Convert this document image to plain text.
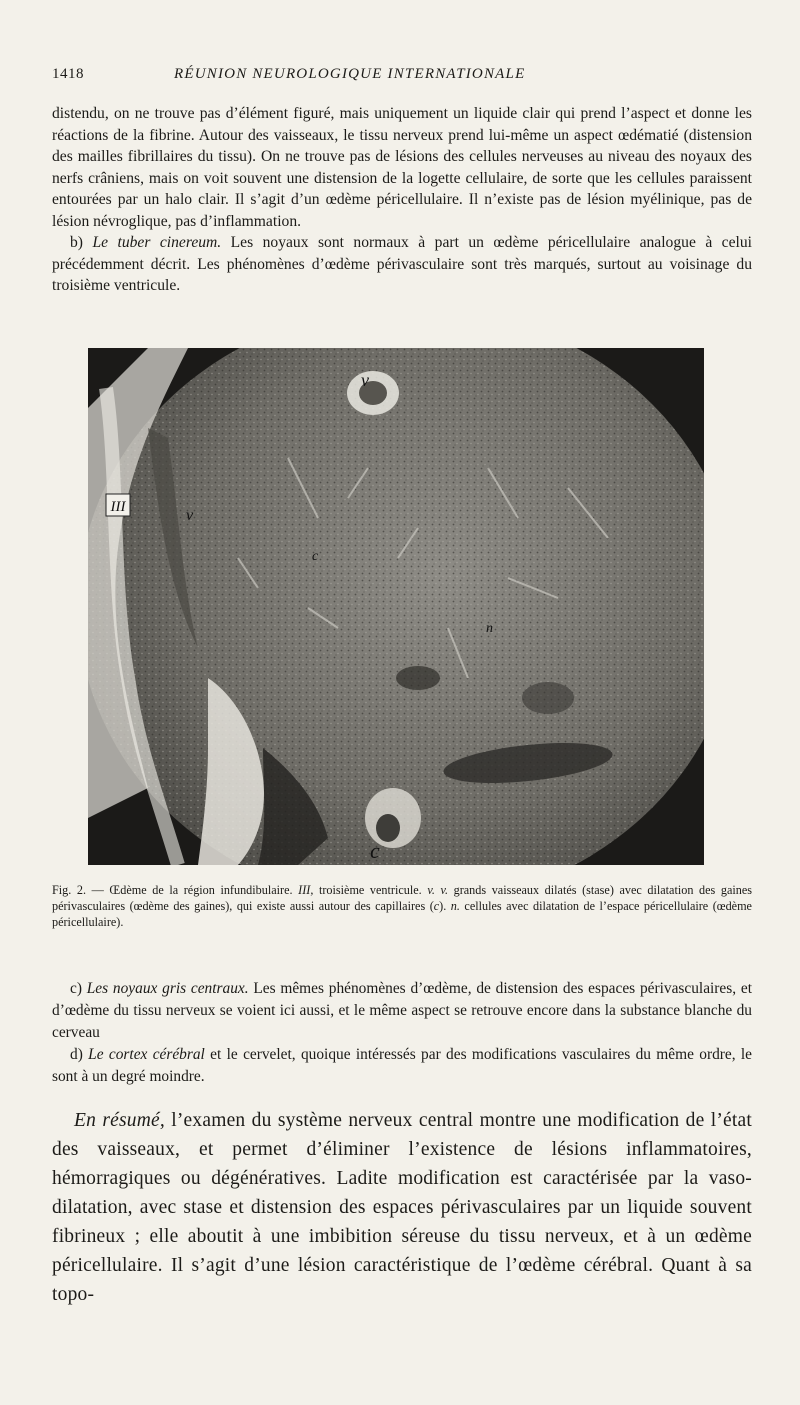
1418	RÉUNION NEUROLOGIQUE INTERNATIONALE

distendu, on ne trouve pas d’élément figuré, mais uniquement un liquide clair qui prend l’aspect et donne les réactions de la fibrine. Autour des vaisseaux, le tissu nerveux prend lui-même un aspect œdématié (distension des mailles fibrillaires du tissu). On ne trouve pas de lésions des cellules nerveuses au niveau des noyaux des nerfs crâniens, mais on voit souvent une distension de la logette cellulaire, de sorte que les cellules paraissent entourées par un halo clair. Il s’agit d’un œdème péricellulaire. Il n’existe pas de lésion myélinique, pas de lésion névroglique, pas d’inflammation.

b) Le tuber cinereum. Les noyaux sont normaux à part un œdème péricellulaire analogue à celui précédemment décrit. Les phénomènes d’œdème périvasculaire sont très marqués, surtout au voisinage du troisième ventricule.

III
v
v
c
n
c

Fig. 2. — Œdème de la région infundibulaire. III, troisième ventricule. v. v. grands vaisseaux dilatés (stase) avec dilatation des gaines périvasculaires (œdème des gaines), qui existe aussi autour des capillaires (c). n. cellules avec dilatation de l’espace péricellulaire (œdème péricellulaire).

c) Les noyaux gris centraux. Les mêmes phénomènes d’œdème, de distension des espaces périvasculaires, et d’œdème du tissu nerveux se voient ici aussi, et le même aspect se retrouve encore dans la substance blanche du cerveau

d) Le cortex cérébral et le cervelet, quoique intéressés par des modifications vasculaires du même ordre, le sont à un degré moindre.

En résumé, l’examen du système nerveux central montre une modification de l’état des vaisseaux, et permet d’éliminer l’existence de lésions inflammatoires, hémorragiques ou dégénératives. Ladite modification est caractérisée par la vaso-dilatation, avec stase et distension des espaces périvasculaires par un liquide souvent fibrineux ; elle aboutit à une imbibition séreuse du tissu nerveux, et à un œdème péricellulaire. Il s’agit d’une lésion caractéristique de l’œdème cérébral. Quant à sa topo-
